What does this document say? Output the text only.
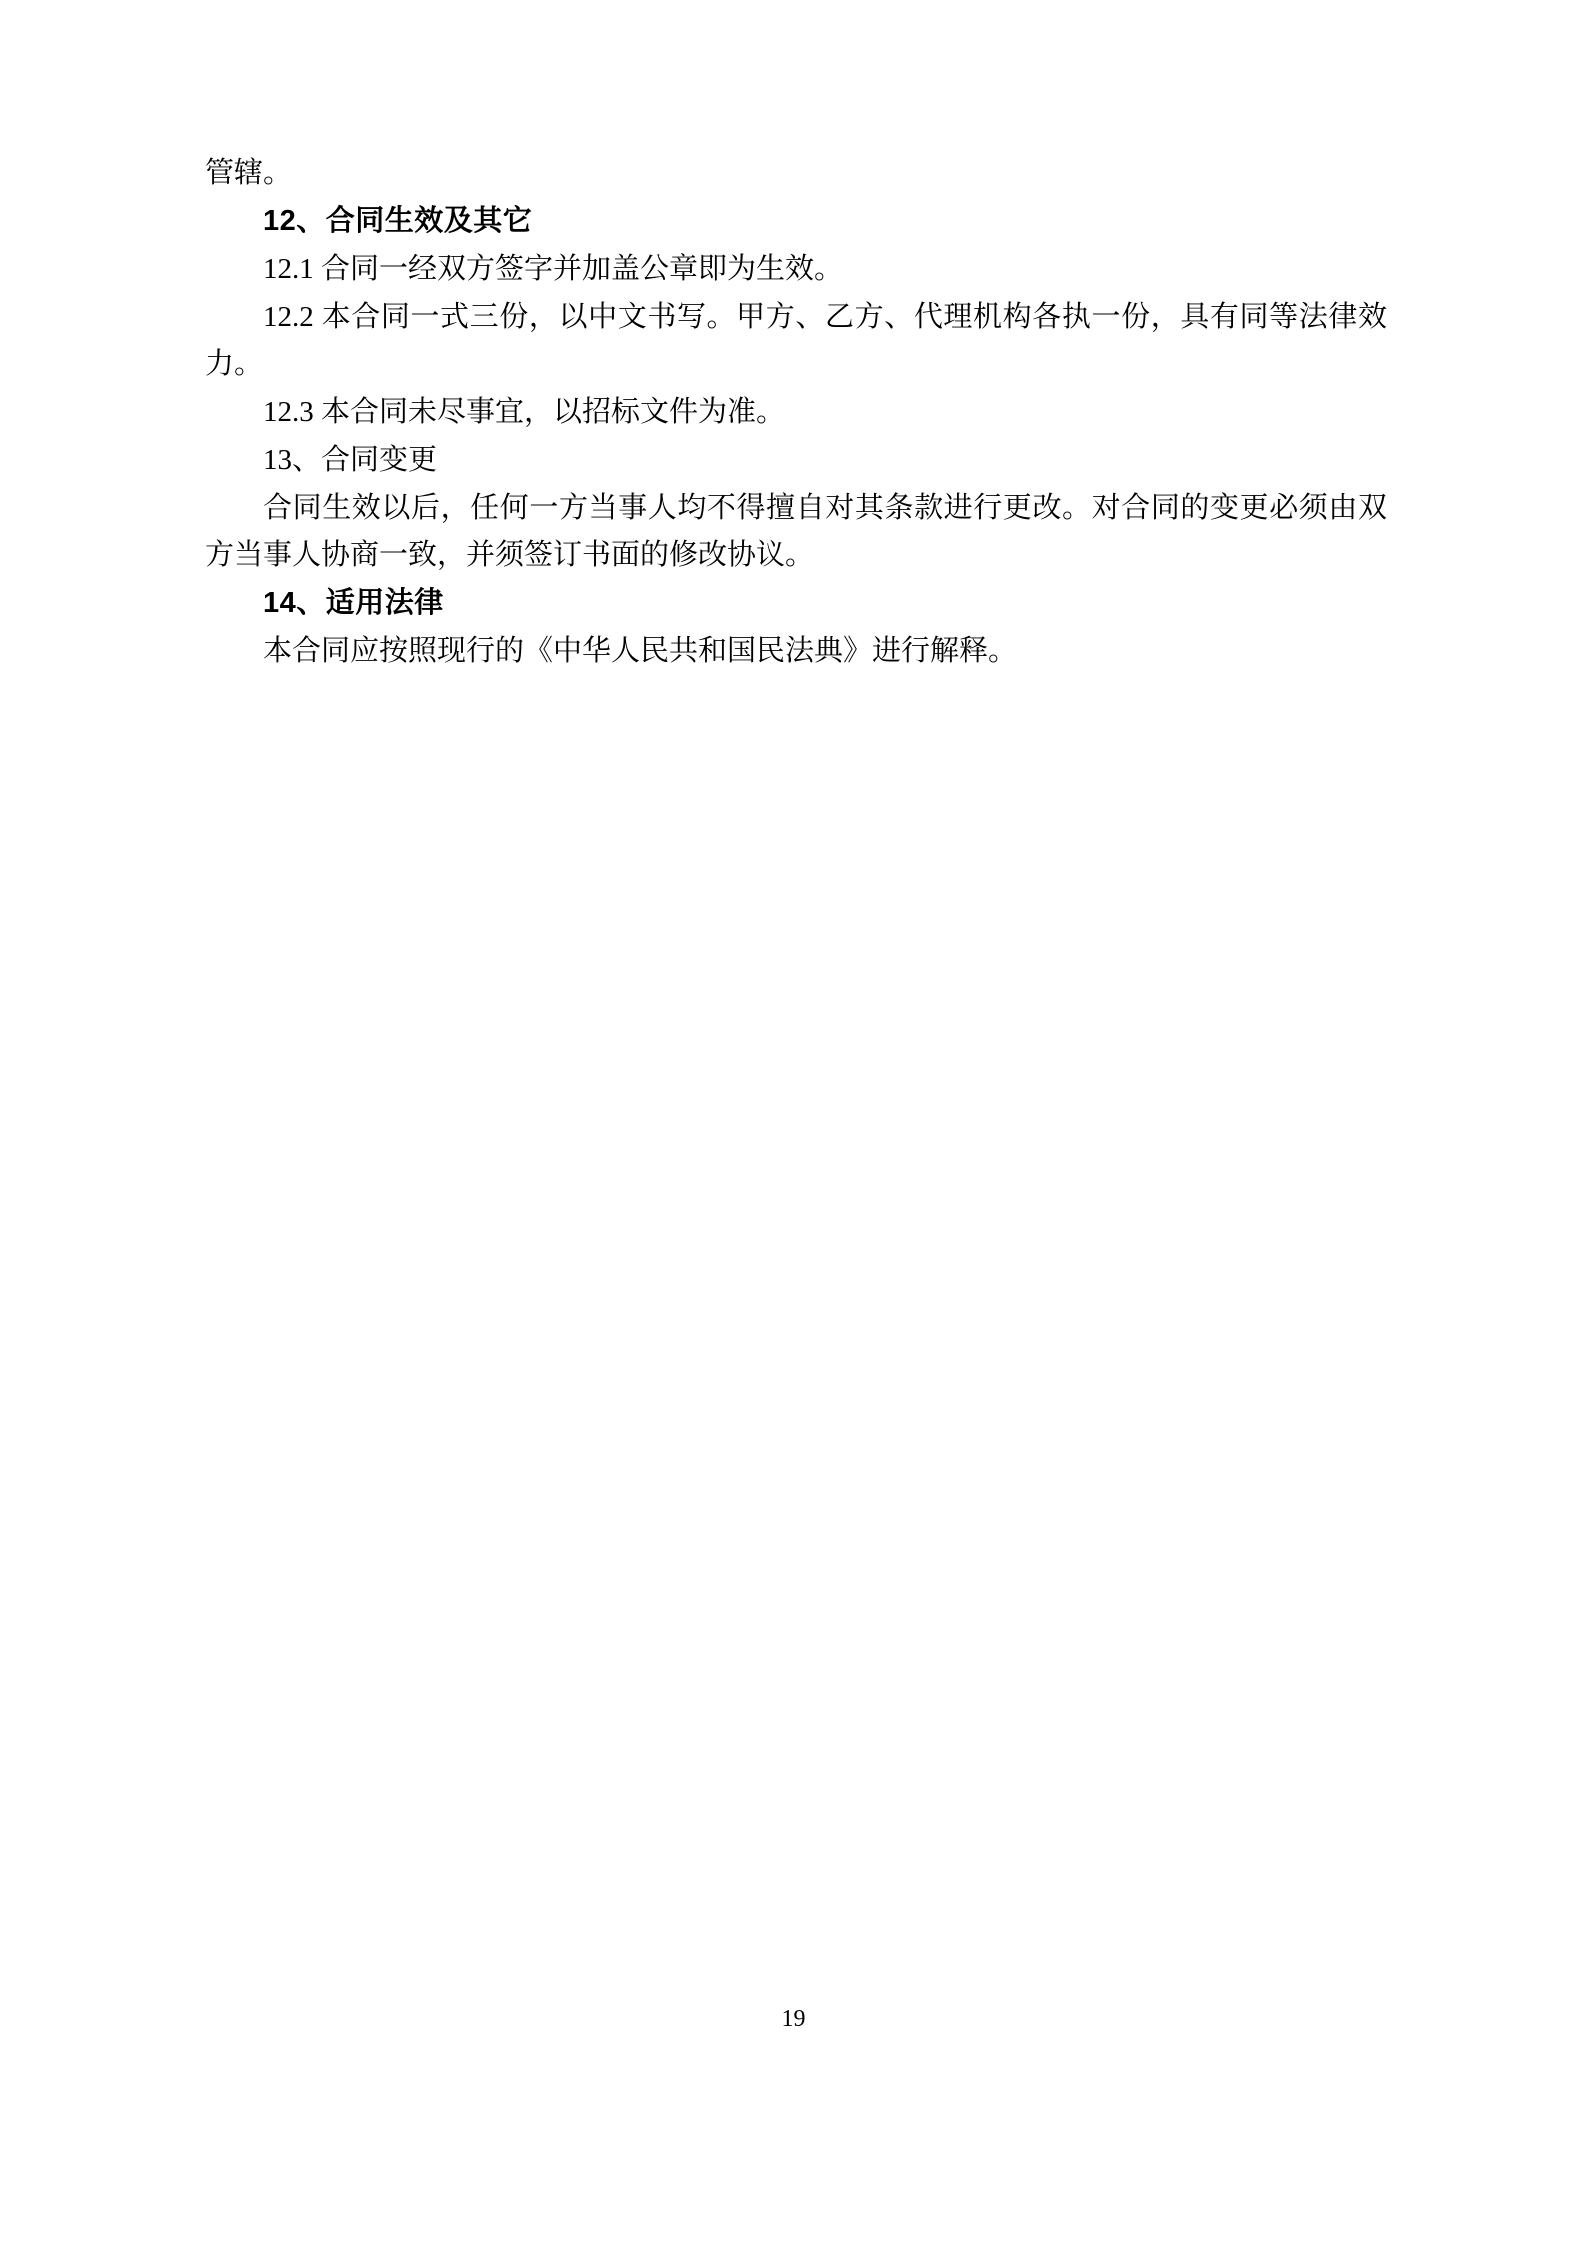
管辖。

12、合同生效及其它

12.1 合同一经双方签字并加盖公章即为生效。

12.2 本合同一式三份，以中文书写。甲方、乙方、代理机构各执一份，具有同等法律效力。

12.3 本合同未尽事宜，以招标文件为准。

13、合同变更

合同生效以后，任何一方当事人均不得擅自对其条款进行更改。对合同的变更必须由双方当事人协商一致，并须签订书面的修改协议。

14、适用法律

本合同应按照现行的《中华人民共和国民法典》进行解释。

19
